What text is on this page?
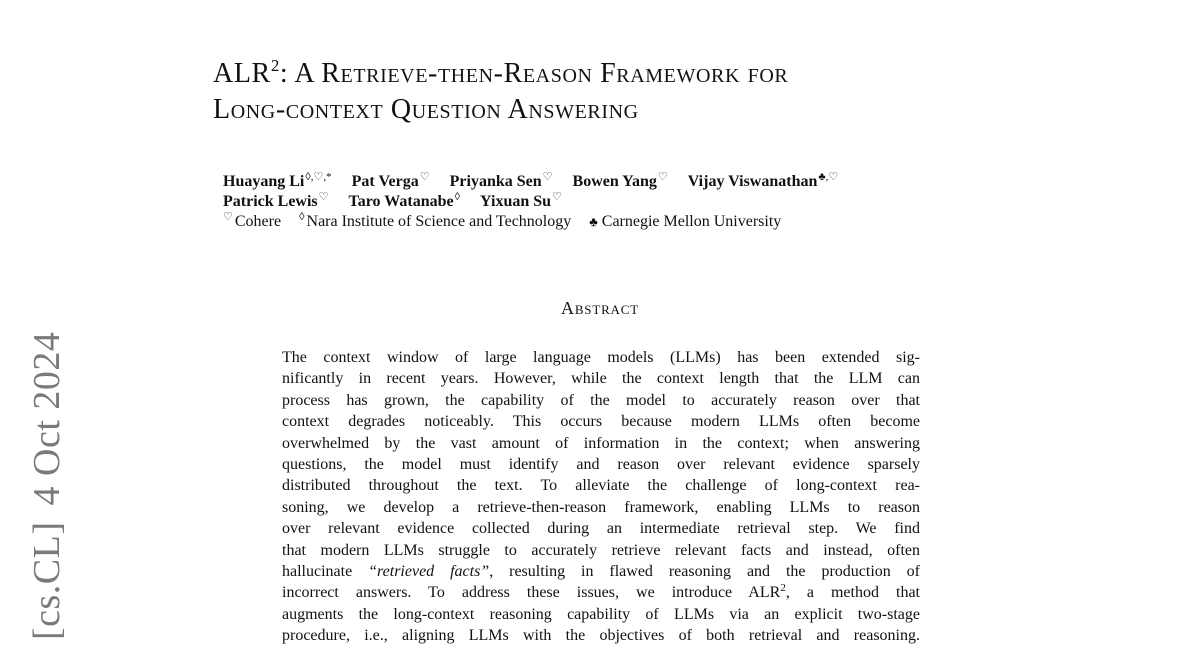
[cs.CL]4 Oct 2024
ALR$^2$: A Retrieve-then-Reason Framework for
Long-context Question Answering
Huayang Li◊,♡,* Pat Verga♡ Priyanka Sen♡ Bowen Yang♡ Vijay Viswanathan♣,♡
Patrick Lewis♡ Taro Watanabe◊ Yixuan Su♡
♡ Cohere ◊ Nara Institute of Science and Technology ♣ Carnegie Mellon University
Abstract
The context window of large language models (LLMs) has been extended sig-
nificantly in recent years. However, while the context length that the LLM can
process has grown, the capability of the model to accurately reason over that
context degrades noticeably. This occurs because modern LLMs often become
overwhelmed by the vast amount of information in the context; when answering
questions, the model must identify and reason over relevant evidence sparsely
distributed throughout the text. To alleviate the challenge of long-context rea-
soning, we develop a retrieve-then-reason framework, enabling LLMs to reason
over relevant evidence collected during an intermediate retrieval step. We find
that modern LLMs struggle to accurately retrieve relevant facts and instead, often
hallucinate “retrieved facts”, resulting in flawed reasoning and the production of
incorrect answers. To address these issues, we introduce ALR$^2$, a method that
augments the long-context reasoning capability of LLMs via an explicit two-stage
procedure, i.e., aligning LLMs with the objectives of both retrieval and reasoning.
